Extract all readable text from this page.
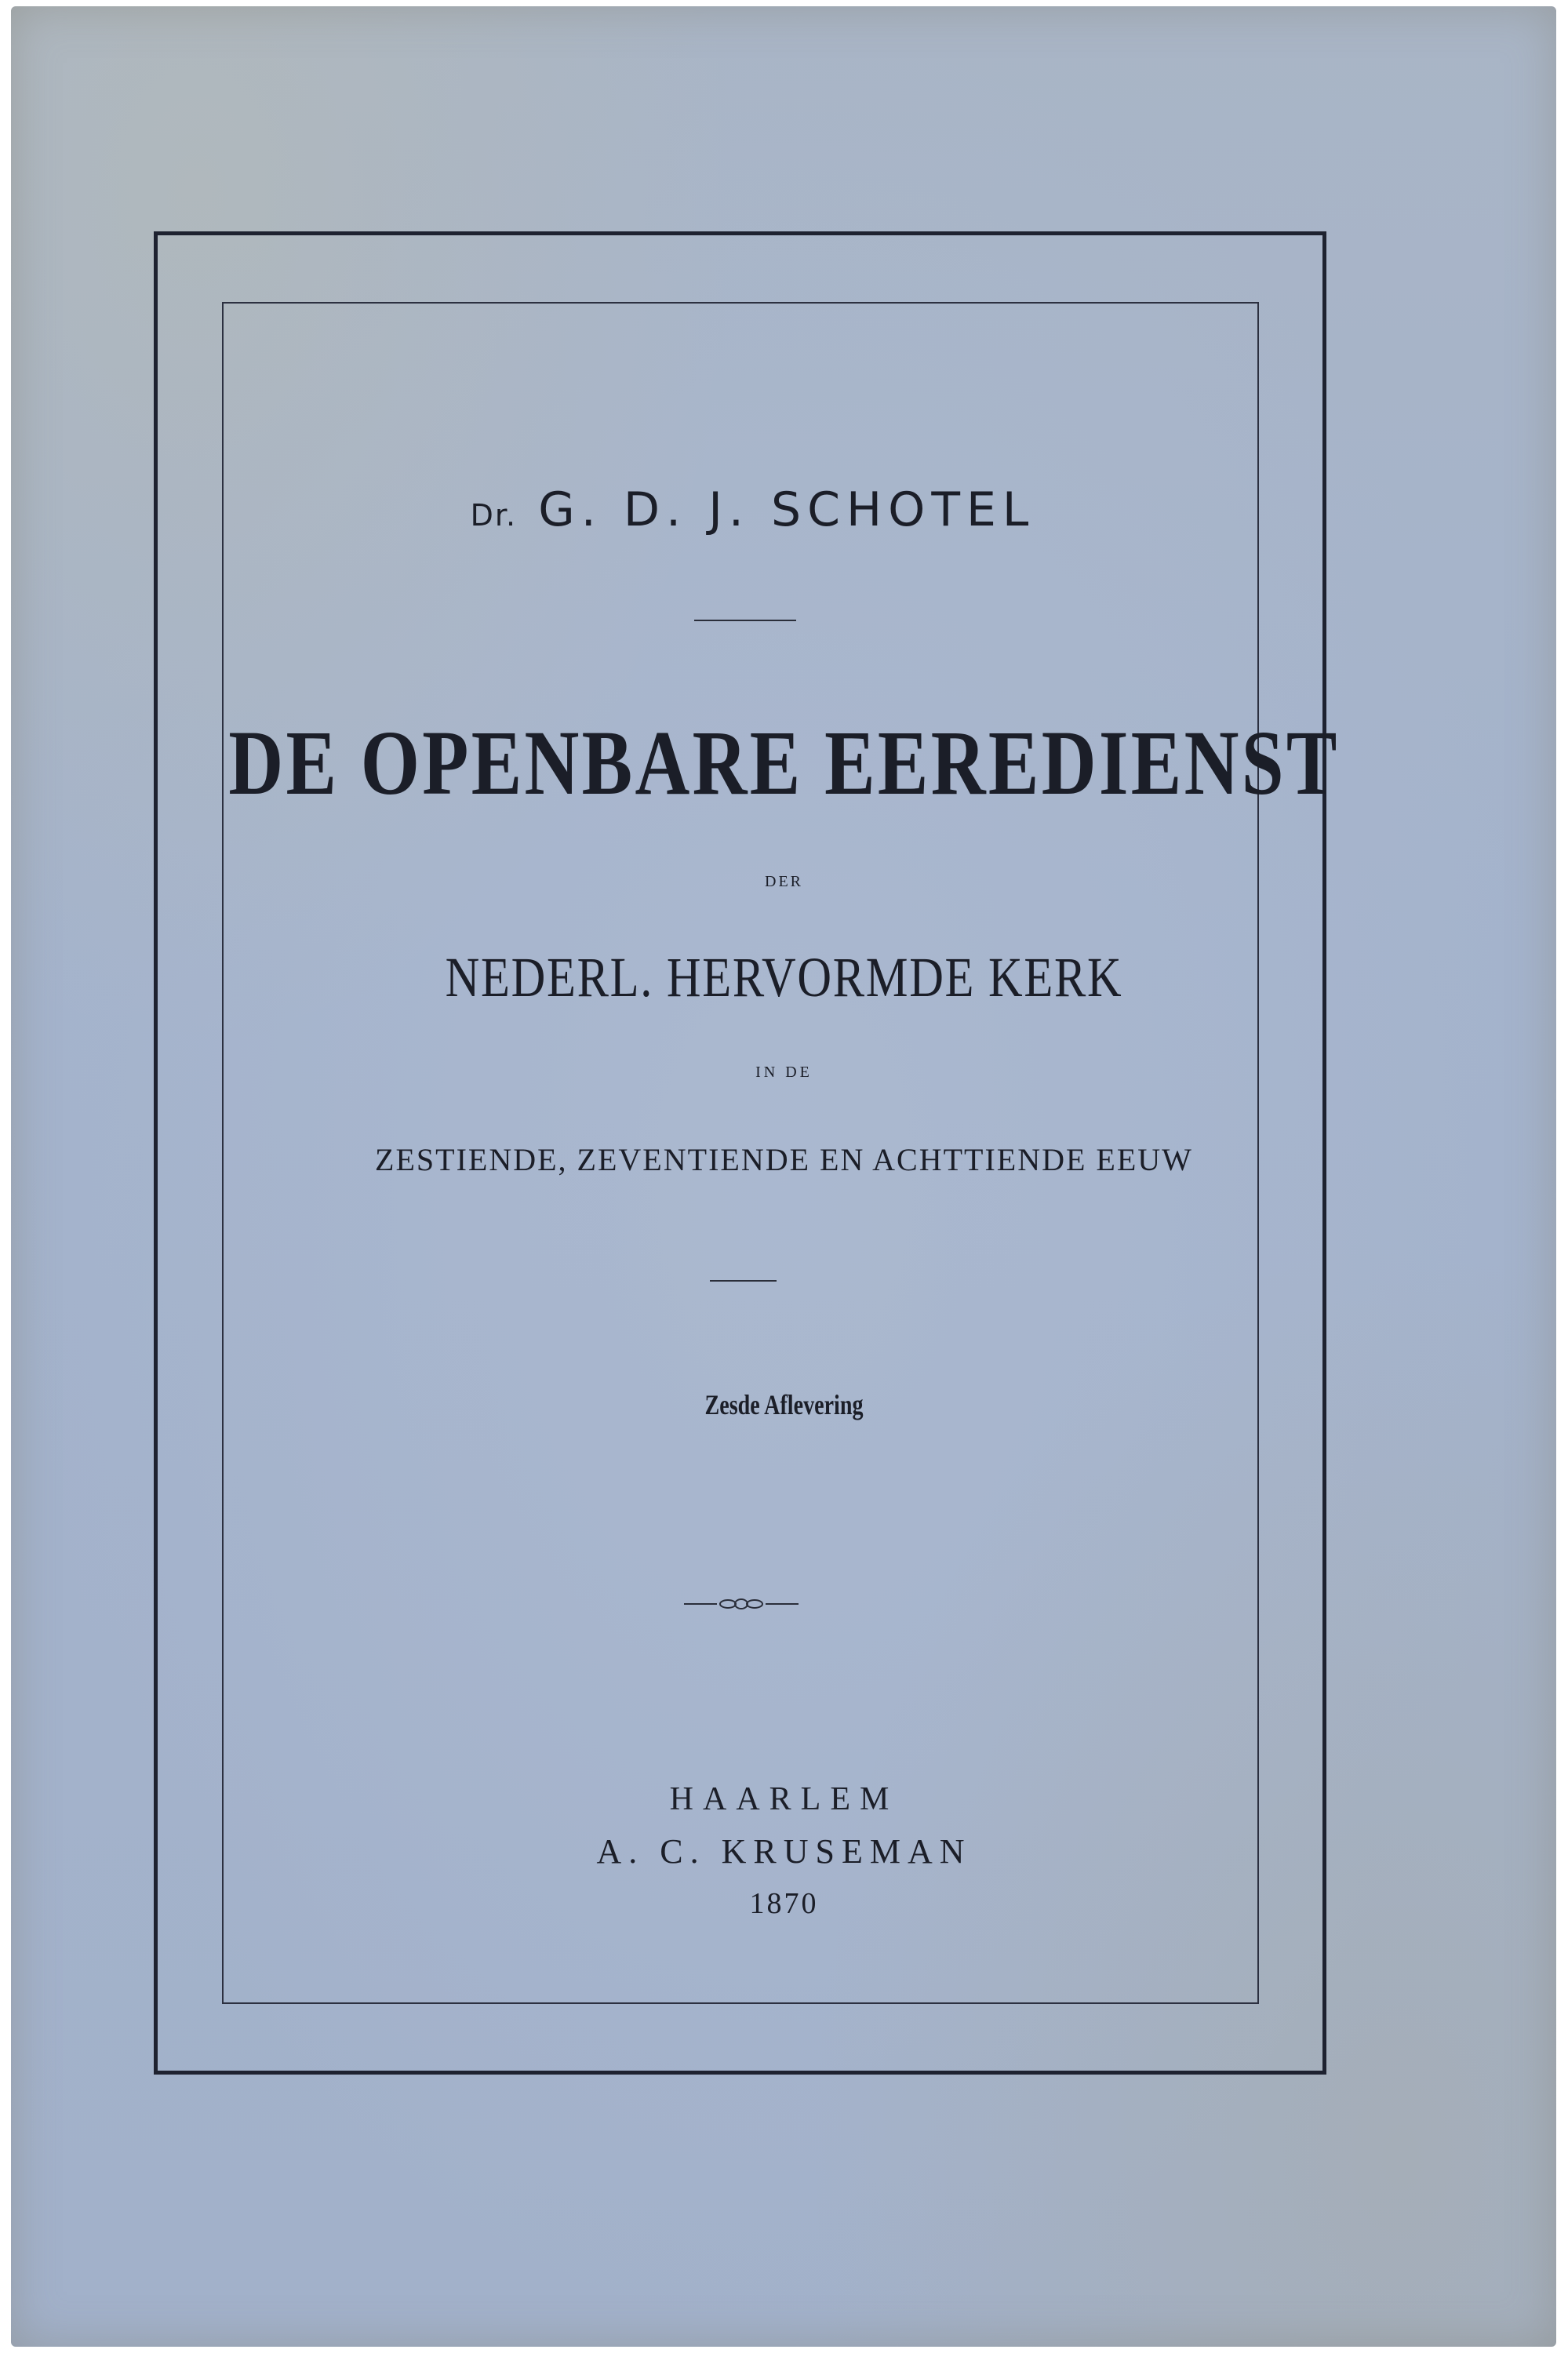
Dr. G. D. J. SCHOTEL
DE OPENBARE EEREDIENST
DER
NEDERL. HERVORMDE KERK
IN DE
ZESTIENDE, ZEVENTIENDE EN ACHTTIENDE EEUW
Zesde Aflevering
HAARLEM
A. C. KRUSEMAN
1870
